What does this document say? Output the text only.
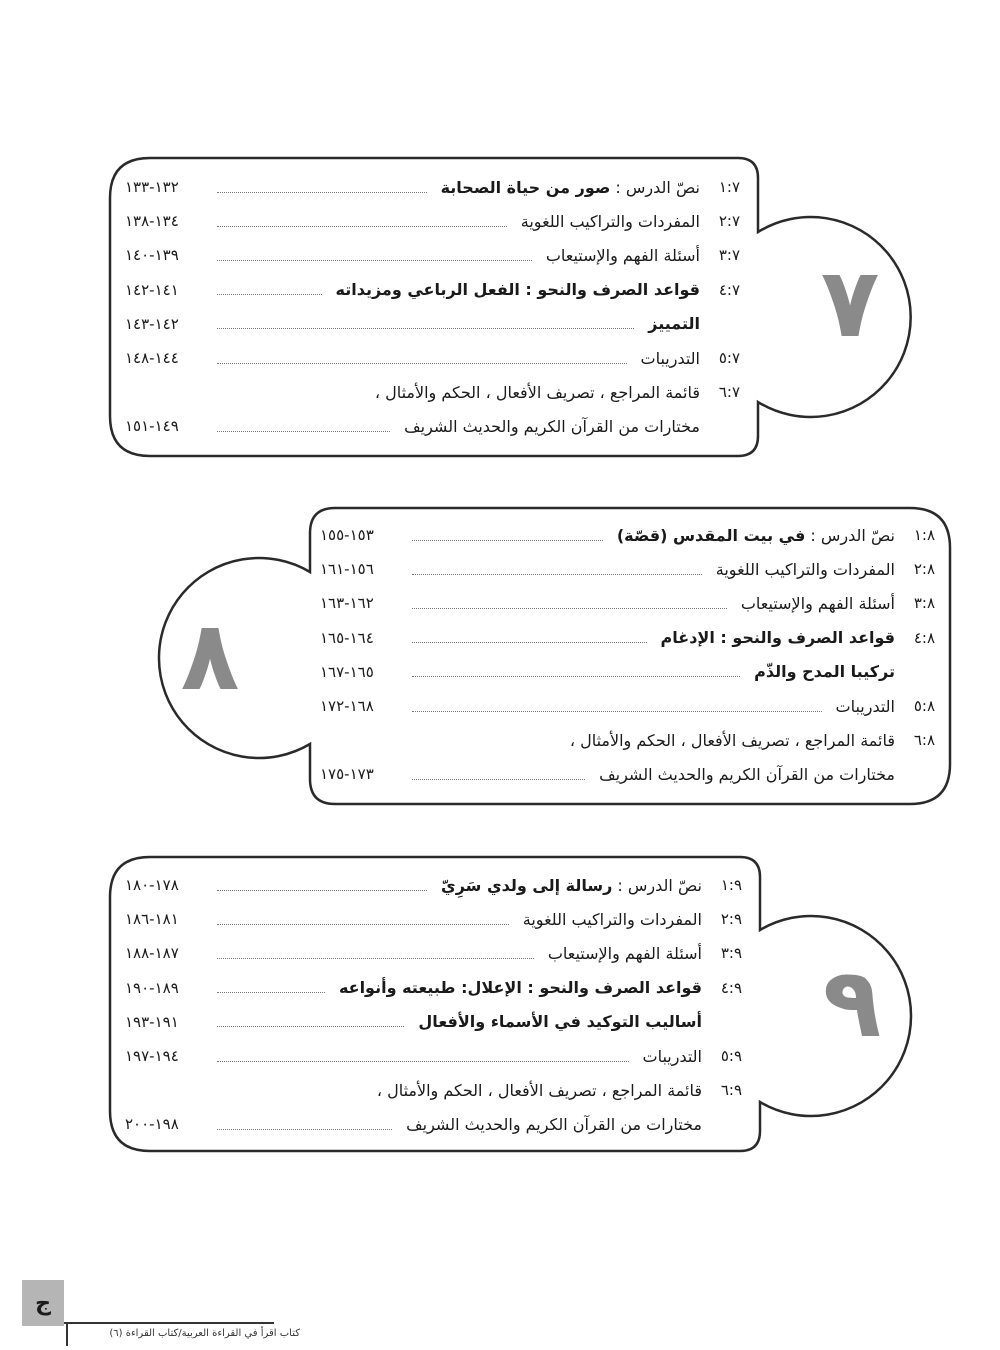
٧
٨
٩
١:٧
نصّ الدرس : صور من حياة الصحابة
١٣٢-١٣٣
٢:٧
المفردات والتراكيب اللغوية
١٣٤-١٣٨
٣:٧
أسئلة الفهم والإستيعاب
١٣٩-١٤٠
٤:٧
قواعد الصرف والنحو : الفعل الرباعي ومزيداته
١٤١-١٤٢
التمييز
١٤٢-١٤٣
٥:٧
التدريبات
١٤٤-١٤٨
٦:٧
قائمة المراجع ، تصريف الأفعال ، الحكم والأمثال ،
مختارات من القرآن الكريم والحديث الشريف
١٤٩-١٥١
١:٨
نصّ الدرس : في بيت المقدس (قصّة)
١٥٣-١٥٥
٢:٨
المفردات والتراكيب اللغوية
١٥٦-١٦١
٣:٨
أسئلة الفهم والإستيعاب
١٦٢-١٦٣
٤:٨
قواعد الصرف والنحو : الإدغام
١٦٤-١٦٥
تركيبا المدح والذّم
١٦٥-١٦٧
٥:٨
التدريبات
١٦٨-١٧٢
٦:٨
قائمة المراجع ، تصريف الأفعال ، الحكم والأمثال ،
مختارات من القرآن الكريم والحديث الشريف
١٧٣-١٧٥
١:٩
نصّ الدرس : رسالة إلى ولدي سَرِيّ
١٧٨-١٨٠
٢:٩
المفردات والتراكيب اللغوية
١٨١-١٨٦
٣:٩
أسئلة الفهم والإستيعاب
١٨٧-١٨٨
٤:٩
قواعد الصرف والنحو : الإعلال: طبيعته وأنواعه
١٨٩-١٩٠
أساليب التوكيد في الأسماء والأفعال
١٩١-١٩٣
٥:٩
التدريبات
١٩٤-١٩٧
٦:٩
قائمة المراجع ، تصريف الأفعال ، الحكم والأمثال ،
مختارات من القرآن الكريم والحديث الشريف
١٩٨-٢٠٠
ج
كتاب اقرأ في القراءة العربية/كتاب القراءة (٦)
